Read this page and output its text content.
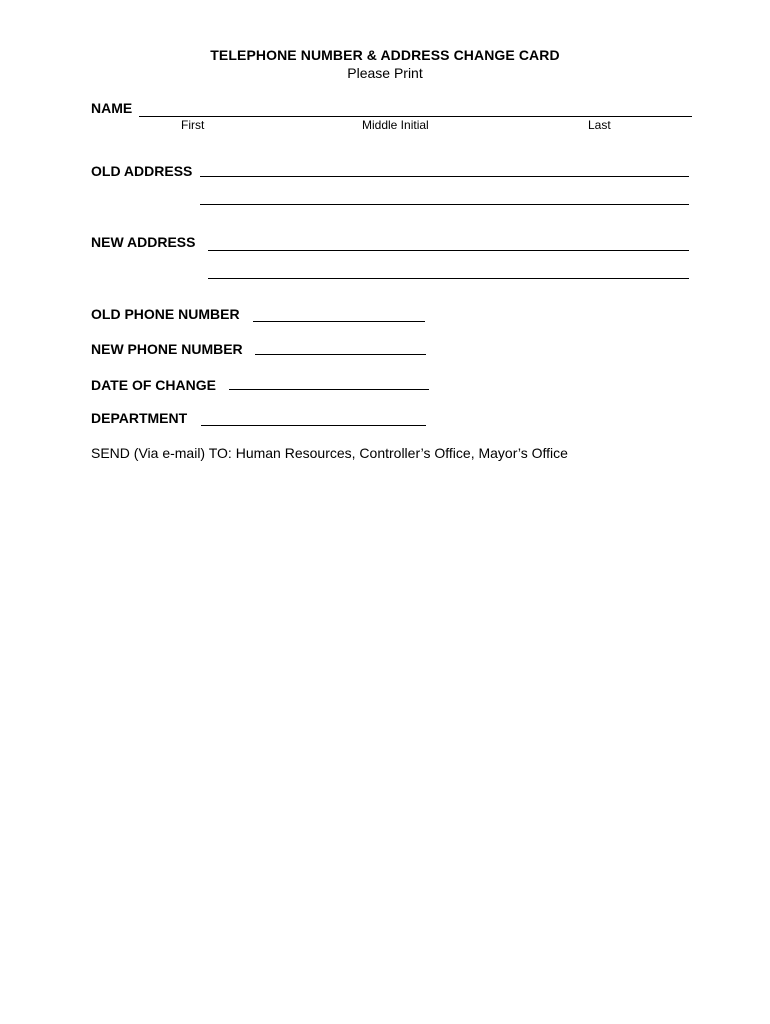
TELEPHONE NUMBER & ADDRESS CHANGE CARD
Please Print
NAME
First	Middle Initial	Last
OLD ADDRESS
NEW ADDRESS
OLD PHONE NUMBER
NEW PHONE NUMBER
DATE OF CHANGE
DEPARTMENT
SEND (Via e-mail) TO: Human Resources, Controller’s Office, Mayor’s Office
